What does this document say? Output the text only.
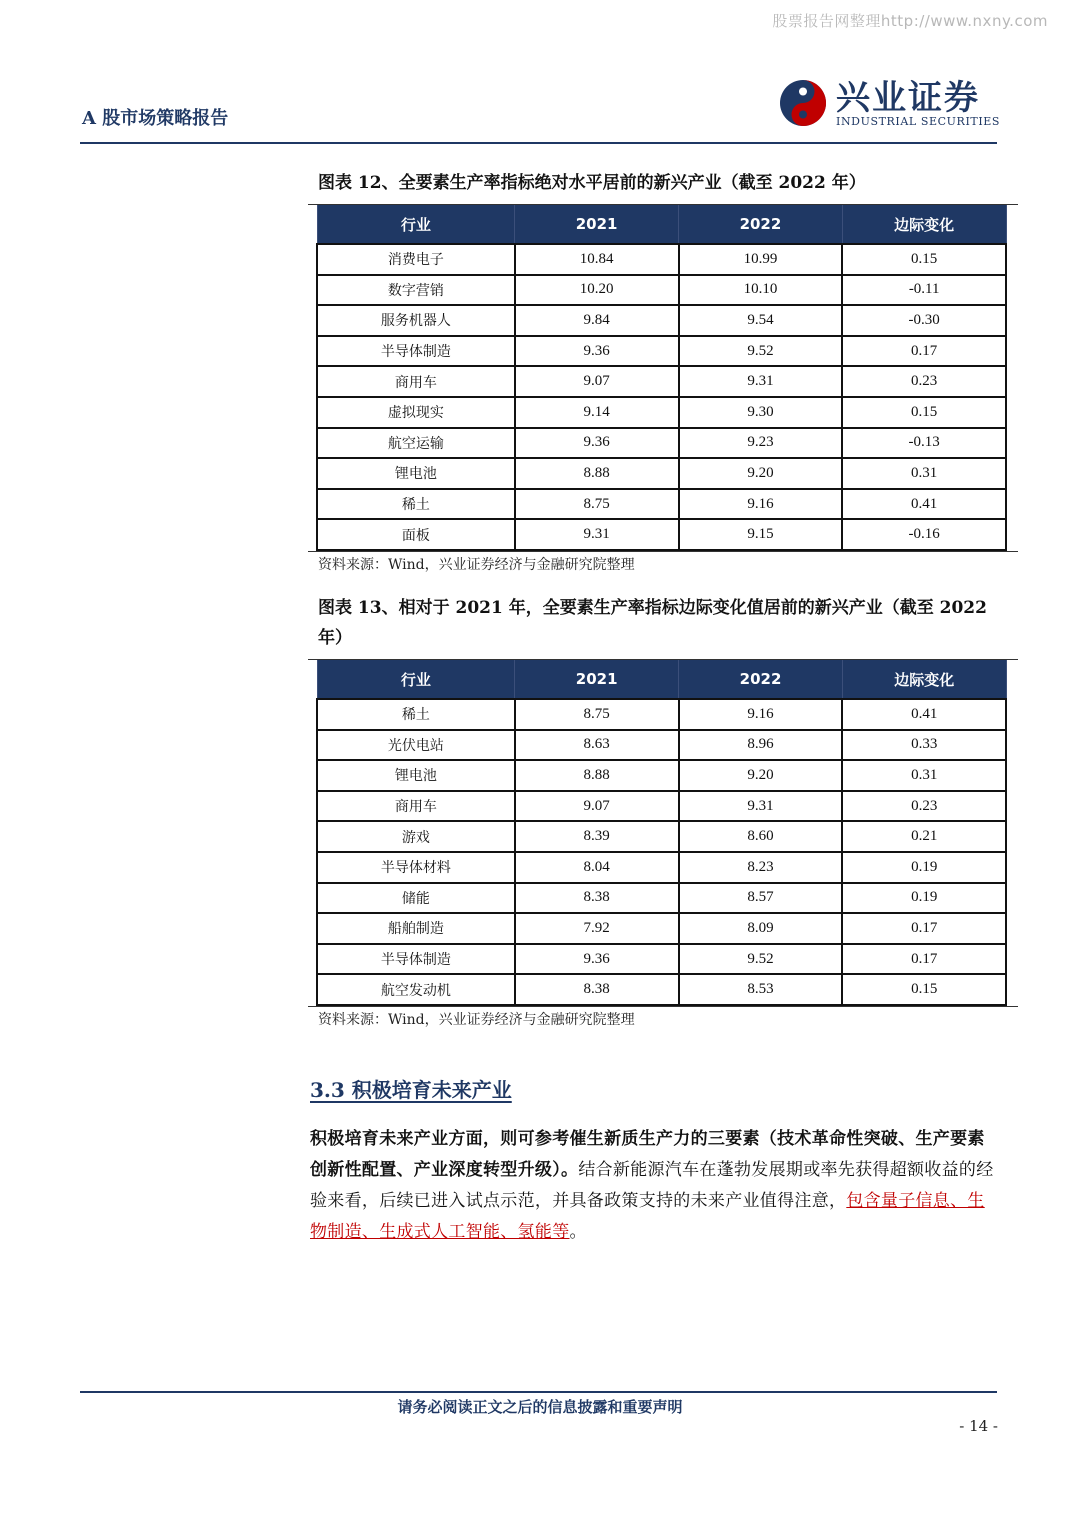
股票报告网整理http://www.nxny.com
A 股市场策略报告
兴业证券
INDUSTRIAL SECURITIES
图表 12、全要素生产率指标绝对水平居前的新兴产业（截至 2022 年）
行业	2021	2022	边际变化
消费电子	10.84	10.99	0.15
数字营销	10.20	10.10	-0.11
服务机器人	9.84	9.54	-0.30
半导体制造	9.36	9.52	0.17
商用车	9.07	9.31	0.23
虚拟现实	9.14	9.30	0.15
航空运输	9.36	9.23	-0.13
锂电池	8.88	9.20	0.31
稀土	8.75	9.16	0.41
面板	9.31	9.15	-0.16
资料来源：Wind，兴业证券经济与金融研究院整理
图表 13、相对于 2021 年，全要素生产率指标边际变化值居前的新兴产业（截至 2022 年）
行业	2021	2022	边际变化
稀土	8.75	9.16	0.41
光伏电站	8.63	8.96	0.33
锂电池	8.88	9.20	0.31
商用车	9.07	9.31	0.23
游戏	8.39	8.60	0.21
半导体材料	8.04	8.23	0.19
储能	8.38	8.57	0.19
船舶制造	7.92	8.09	0.17
半导体制造	9.36	9.52	0.17
航空发动机	8.38	8.53	0.15
资料来源：Wind，兴业证券经济与金融研究院整理
3.3 积极培育未来产业
积极培育未来产业方面，则可参考催生新质生产力的三要素（技术革命性突破、生产要素创新性配置、产业深度转型升级）。结合新能源汽车在蓬勃发展期或率先获得超额收益的经验来看，后续已进入试点示范，并具备政策支持的未来产业值得注意，包含量子信息、生物制造、生成式人工智能、氢能等。
请务必阅读正文之后的信息披露和重要声明
- 14 -
